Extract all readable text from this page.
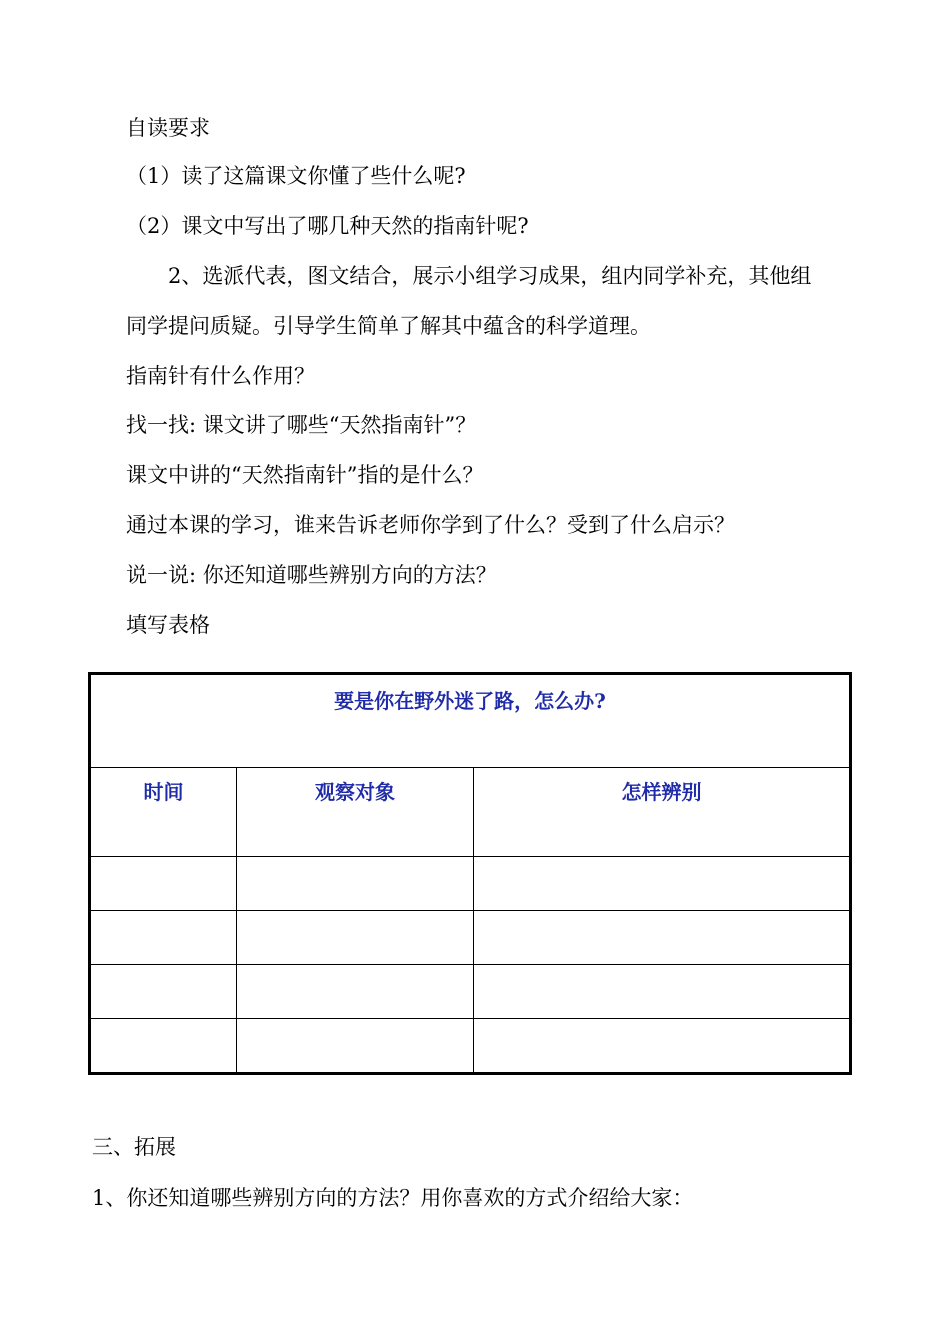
自读要求
（1）读了这篇课文你懂了些什么呢?
（2）课文中写出了哪几种天然的指南针呢?
2、选派代表，图文结合，展示小组学习成果，组内同学补充，其他组
同学提问质疑。引导学生简单了解其中蕴含的科学道理。
指南针有什么作用？
找一找: 课文讲了哪些“天然指南针”？
课文中讲的“天然指南针”指的是什么？
通过本课的学习，谁来告诉老师你学到了什么？受到了什么启示？
说一说: 你还知道哪些辨别方向的方法？
填写表格
要是你在野外迷了路，怎么办?		
时间	观察对象	怎样辨别

三、拓展
1、你还知道哪些辨别方向的方法？用你喜欢的方式介绍给大家：
